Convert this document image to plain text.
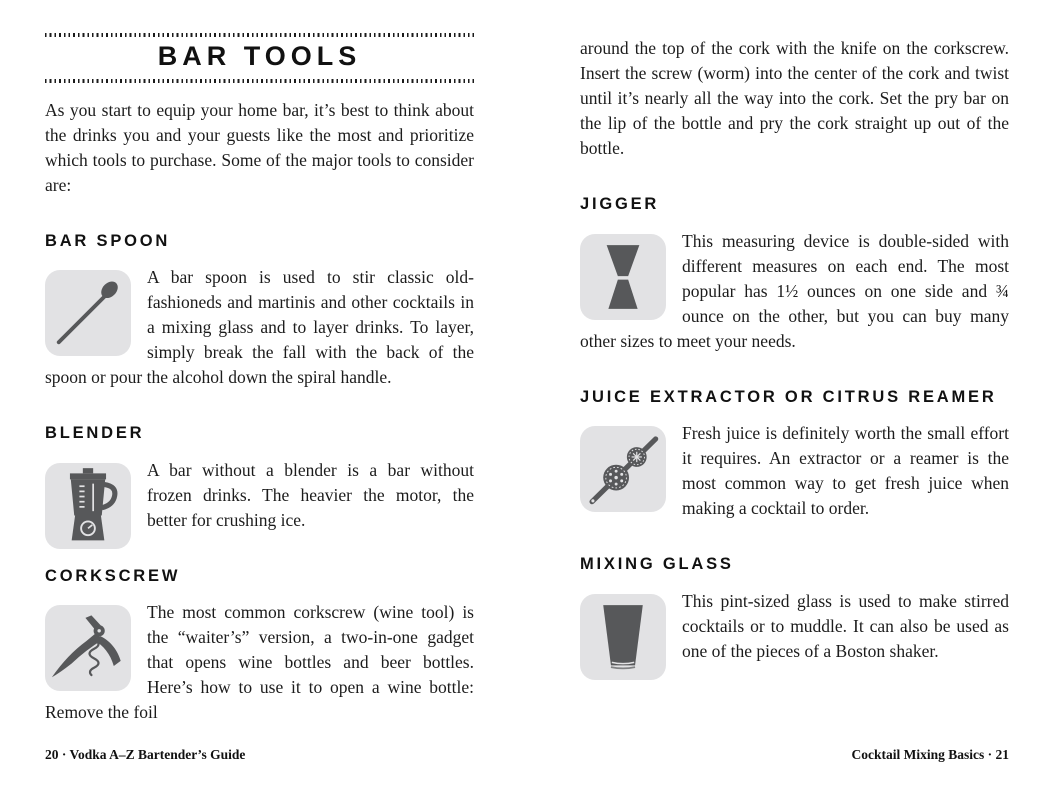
BAR TOOLS

As you start to equip your home bar, it’s best to think about the drinks you and your guests like the most and prioritize which tools to purchase. Some of the major tools to consider are:

BAR SPOON

A bar spoon is used to stir classic old-fashioneds and martinis and other cocktails in a mixing glass and to layer drinks. To layer, simply break the fall with the back of the spoon or pour the alcohol down the spiral handle.

BLENDER

A bar without a blender is a bar without frozen drinks. The heavier the motor, the better for crushing ice.

CORKSCREW

The most common corkscrew (wine tool) is the “waiter’s” version, a two-in-one gadget that opens wine bottles and beer bottles. Here’s how to use it to open a wine bottle: Remove the foil

20 · Vodka A–Z Bartender’s Guide

around the top of the cork with the knife on the corkscrew. Insert the screw (worm) into the center of the cork and twist until it’s nearly all the way into the cork. Set the pry bar on the lip of the bottle and pry the cork straight up out of the bottle.

JIGGER

This measuring device is double-sided with different measures on each end. The most popular has 1½ ounces on one side and ¾ ounce on the other, but you can buy many other sizes to meet your needs.

JUICE EXTRACTOR OR CITRUS REAMER

Fresh juice is definitely worth the small effort it requires. An extractor or a reamer is the most common way to get fresh juice when making a cocktail to order.

MIXING GLASS

This pint-sized glass is used to make stirred cocktails or to muddle. It can also be used as one of the pieces of a Boston shaker.

Cocktail Mixing Basics · 21
